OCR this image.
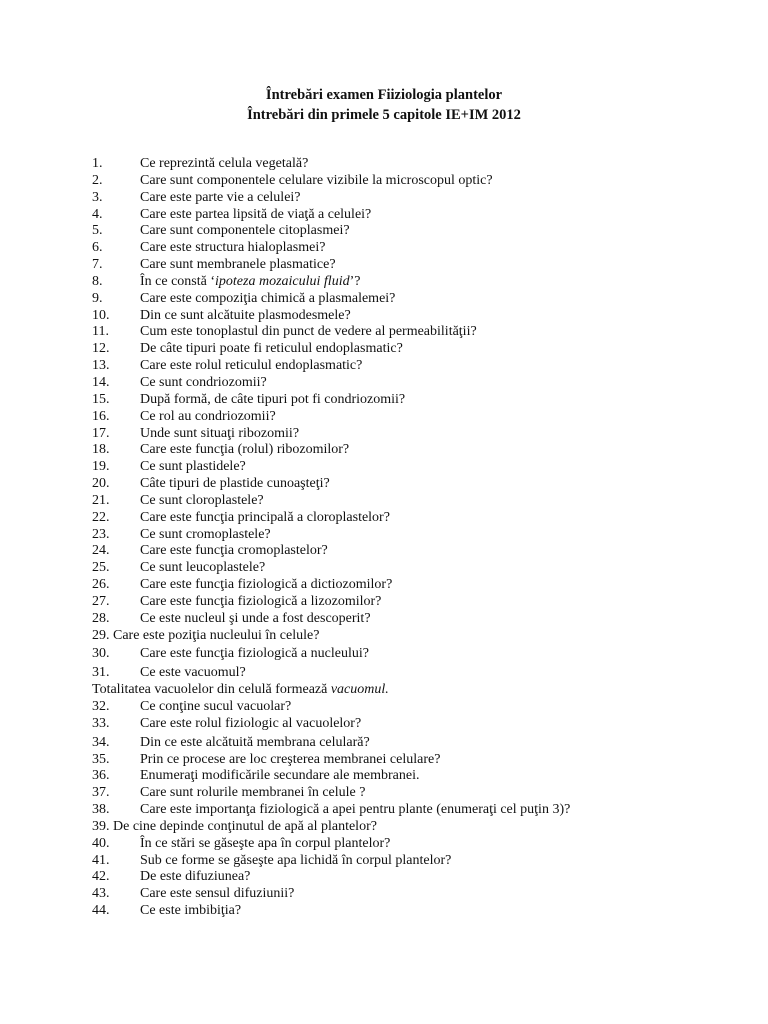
Întrebări examen Fiiziologia plantelor
Întrebări din primele 5 capitole IE+IM 2012
1.	Ce reprezintă celula vegetală?
2.	Care sunt componentele celulare vizibile la microscopul optic?
3.	Care este parte vie a celulei?
4.	Care este partea lipsită de viaţă a celulei?
5.	Care sunt componentele citoplasmei?
6.	Care este structura hialoplasmei?
7.	Care sunt membranele plasmatice?
8.	În ce constă ‘ipoteza mozaicului fluid’?
9.	Care este compoziţia chimică a plasmalemei?
10. Din ce sunt alcătuite plasmodesmele?
11. Cum este tonoplastul din punct de vedere al permeabilităţii?
12. De câte tipuri poate fi reticulul endoplasmatic?
13. Care este rolul reticulul endoplasmatic?
14. Ce sunt condriozomii?
15. După formă, de câte tipuri pot fi condriozomii?
16. Ce rol au condriozomii?
17. Unde sunt situaţi ribozomii?
18. Care este funcţia (rolul) ribozomilor?
19. Ce sunt plastidele?
20. Câte tipuri de plastide cunoaşteţi?
21. Ce sunt cloroplastele?
22. Care este funcţia principală a cloroplastelor?
23. Ce sunt cromoplastele?
24. Care este funcţia cromoplastelor?
25. Ce sunt leucoplastele?
26. Care este funcţia fiziologică a dictiozomilor?
27. Care este funcţia fiziologică a lizozomilor?
28. Ce este nucleul şi unde a fost descoperit?
29. Care este poziţia nucleului în celule?
30. Care este funcţia fiziologică a nucleului?
31. Ce este vacuomul?
Totalitatea vacuolelor din celulă formează vacuomul.
32. Ce conţine sucul vacuolar?
33. Care este rolul fiziologic al vacuolelor?
34. Din ce este alcătuită membrana celulară?
35. Prin ce procese are loc creşterea membranei celulare?
36. Enumeraţi modificările secundare ale membranei.
37. Care sunt rolurile membranei în celule ?
38. Care este importanţa fiziologică a apei pentru plante (enumeraţi cel puţin 3)?
39. De cine depinde conţinutul de apă al plantelor?
40. În ce stări se găseşte apa în corpul plantelor?
41. Sub ce forme se găseşte apa lichidă în corpul plantelor?
42. De este difuziunea?
43. Care este sensul difuziunii?
44. Ce este imbibiţia?
